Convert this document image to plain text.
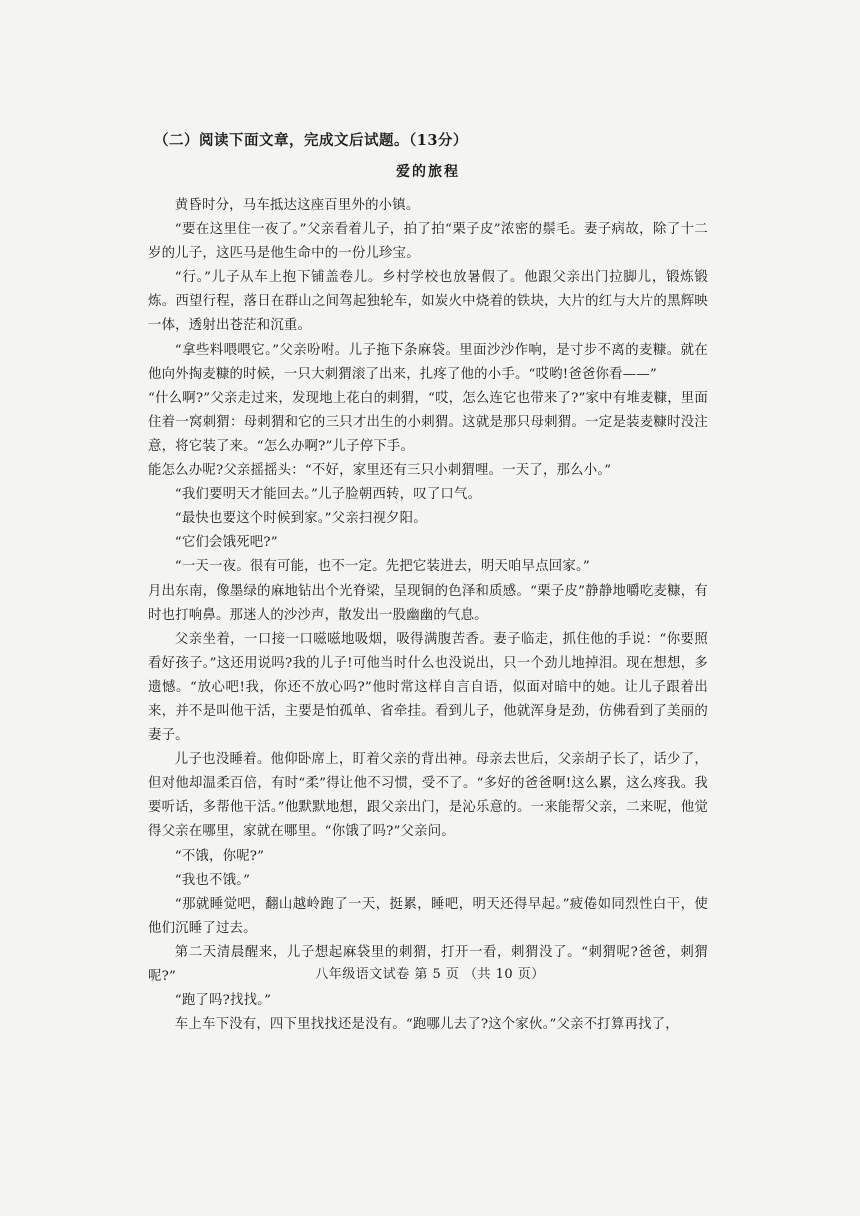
（二）阅读下面文章，完成文后试题。（13分）
爱的旅程

黄昏时分，马车抵达这座百里外的小镇。

“要在这里住一夜了。”父亲看着儿子，拍了拍“栗子皮”浓密的鬃毛。妻子病故，除了十二岁的儿子，这匹马是他生命中的一份儿珍宝。

“行。”儿子从车上抱下铺盖卷儿。乡村学校也放暑假了。他跟父亲出门拉脚儿，锻炼锻炼。西望行程，落日在群山之间驾起独轮车，如炭火中烧着的铁块，大片的红与大片的黑辉映一体，透射出苍茫和沉重。

“拿些料喂喂它。”父亲吩咐。儿子拖下条麻袋。里面沙沙作响，是寸步不离的麦糠。就在他向外掏麦糠的时候，一只大刺猬滚了出来，扎疼了他的小手。“哎哟!爸爸你看——”

“什么啊?”父亲走过来，发现地上花白的刺猬，“哎，怎么连它也带来了?”家中有堆麦糠，里面住着一窝刺猬：母刺猬和它的三只才出生的小刺猬。这就是那只母刺猬。一定是装麦糠时没注意，将它装了来。“怎么办啊?”儿子停下手。

能怎么办呢?父亲摇摇头：“不好，家里还有三只小刺猬哩。一天了，那么小。”

“我们要明天才能回去。”儿子脸朝西转，叹了口气。

“最快也要这个时候到家。”父亲扫视夕阳。

“它们会饿死吧?”

“一天一夜。很有可能，也不一定。先把它装进去，明天咱早点回家。”

月出东南，像墨绿的麻地钻出个光脊梁，呈现铜的色泽和质感。“栗子皮”静静地嚼吃麦糠，有时也打响鼻。那迷人的沙沙声，散发出一股幽幽的气息。

父亲坐着，一口接一口嗞嗞地吸烟，吸得满腹苦香。妻子临走，抓住他的手说：“你要照看好孩子。”这还用说吗?我的儿子!可他当时什么也没说出，只一个劲儿地掉泪。现在想想，多遗憾。“放心吧!我，你还不放心吗?”他时常这样自言自语，似面对暗中的她。让儿子跟着出来，并不是叫他干活，主要是怕孤单、省牵挂。看到儿子，他就浑身是劲，仿佛看到了美丽的妻子。

儿子也没睡着。他仰卧席上，盯着父亲的背出神。母亲去世后，父亲胡子长了，话少了，但对他却温柔百倍，有时“柔”得让他不习惯，受不了。“多好的爸爸啊!这么累，这么疼我。我要听话，多帮他干活。”他默默地想，跟父亲出门，是沁乐意的。一来能帮父亲，二来呢，他觉得父亲在哪里，家就在哪里。“你饿了吗?”父亲问。

“不饿，你呢?”

“我也不饿。”

“那就睡觉吧，翻山越岭跑了一天，挺累，睡吧，明天还得早起。”疲倦如同烈性白干，使他们沉睡了过去。

第二天清晨醒来，儿子想起麻袋里的刺猬，打开一看，刺猬没了。“刺猬呢?爸爸，刺猬呢?”

“跑了吗?找找。”

车上车下没有，四下里找找还是没有。“跑哪儿去了?这个家伙。”父亲不打算再找了，

八年级语文试卷 第 5 页 （共 10 页）
